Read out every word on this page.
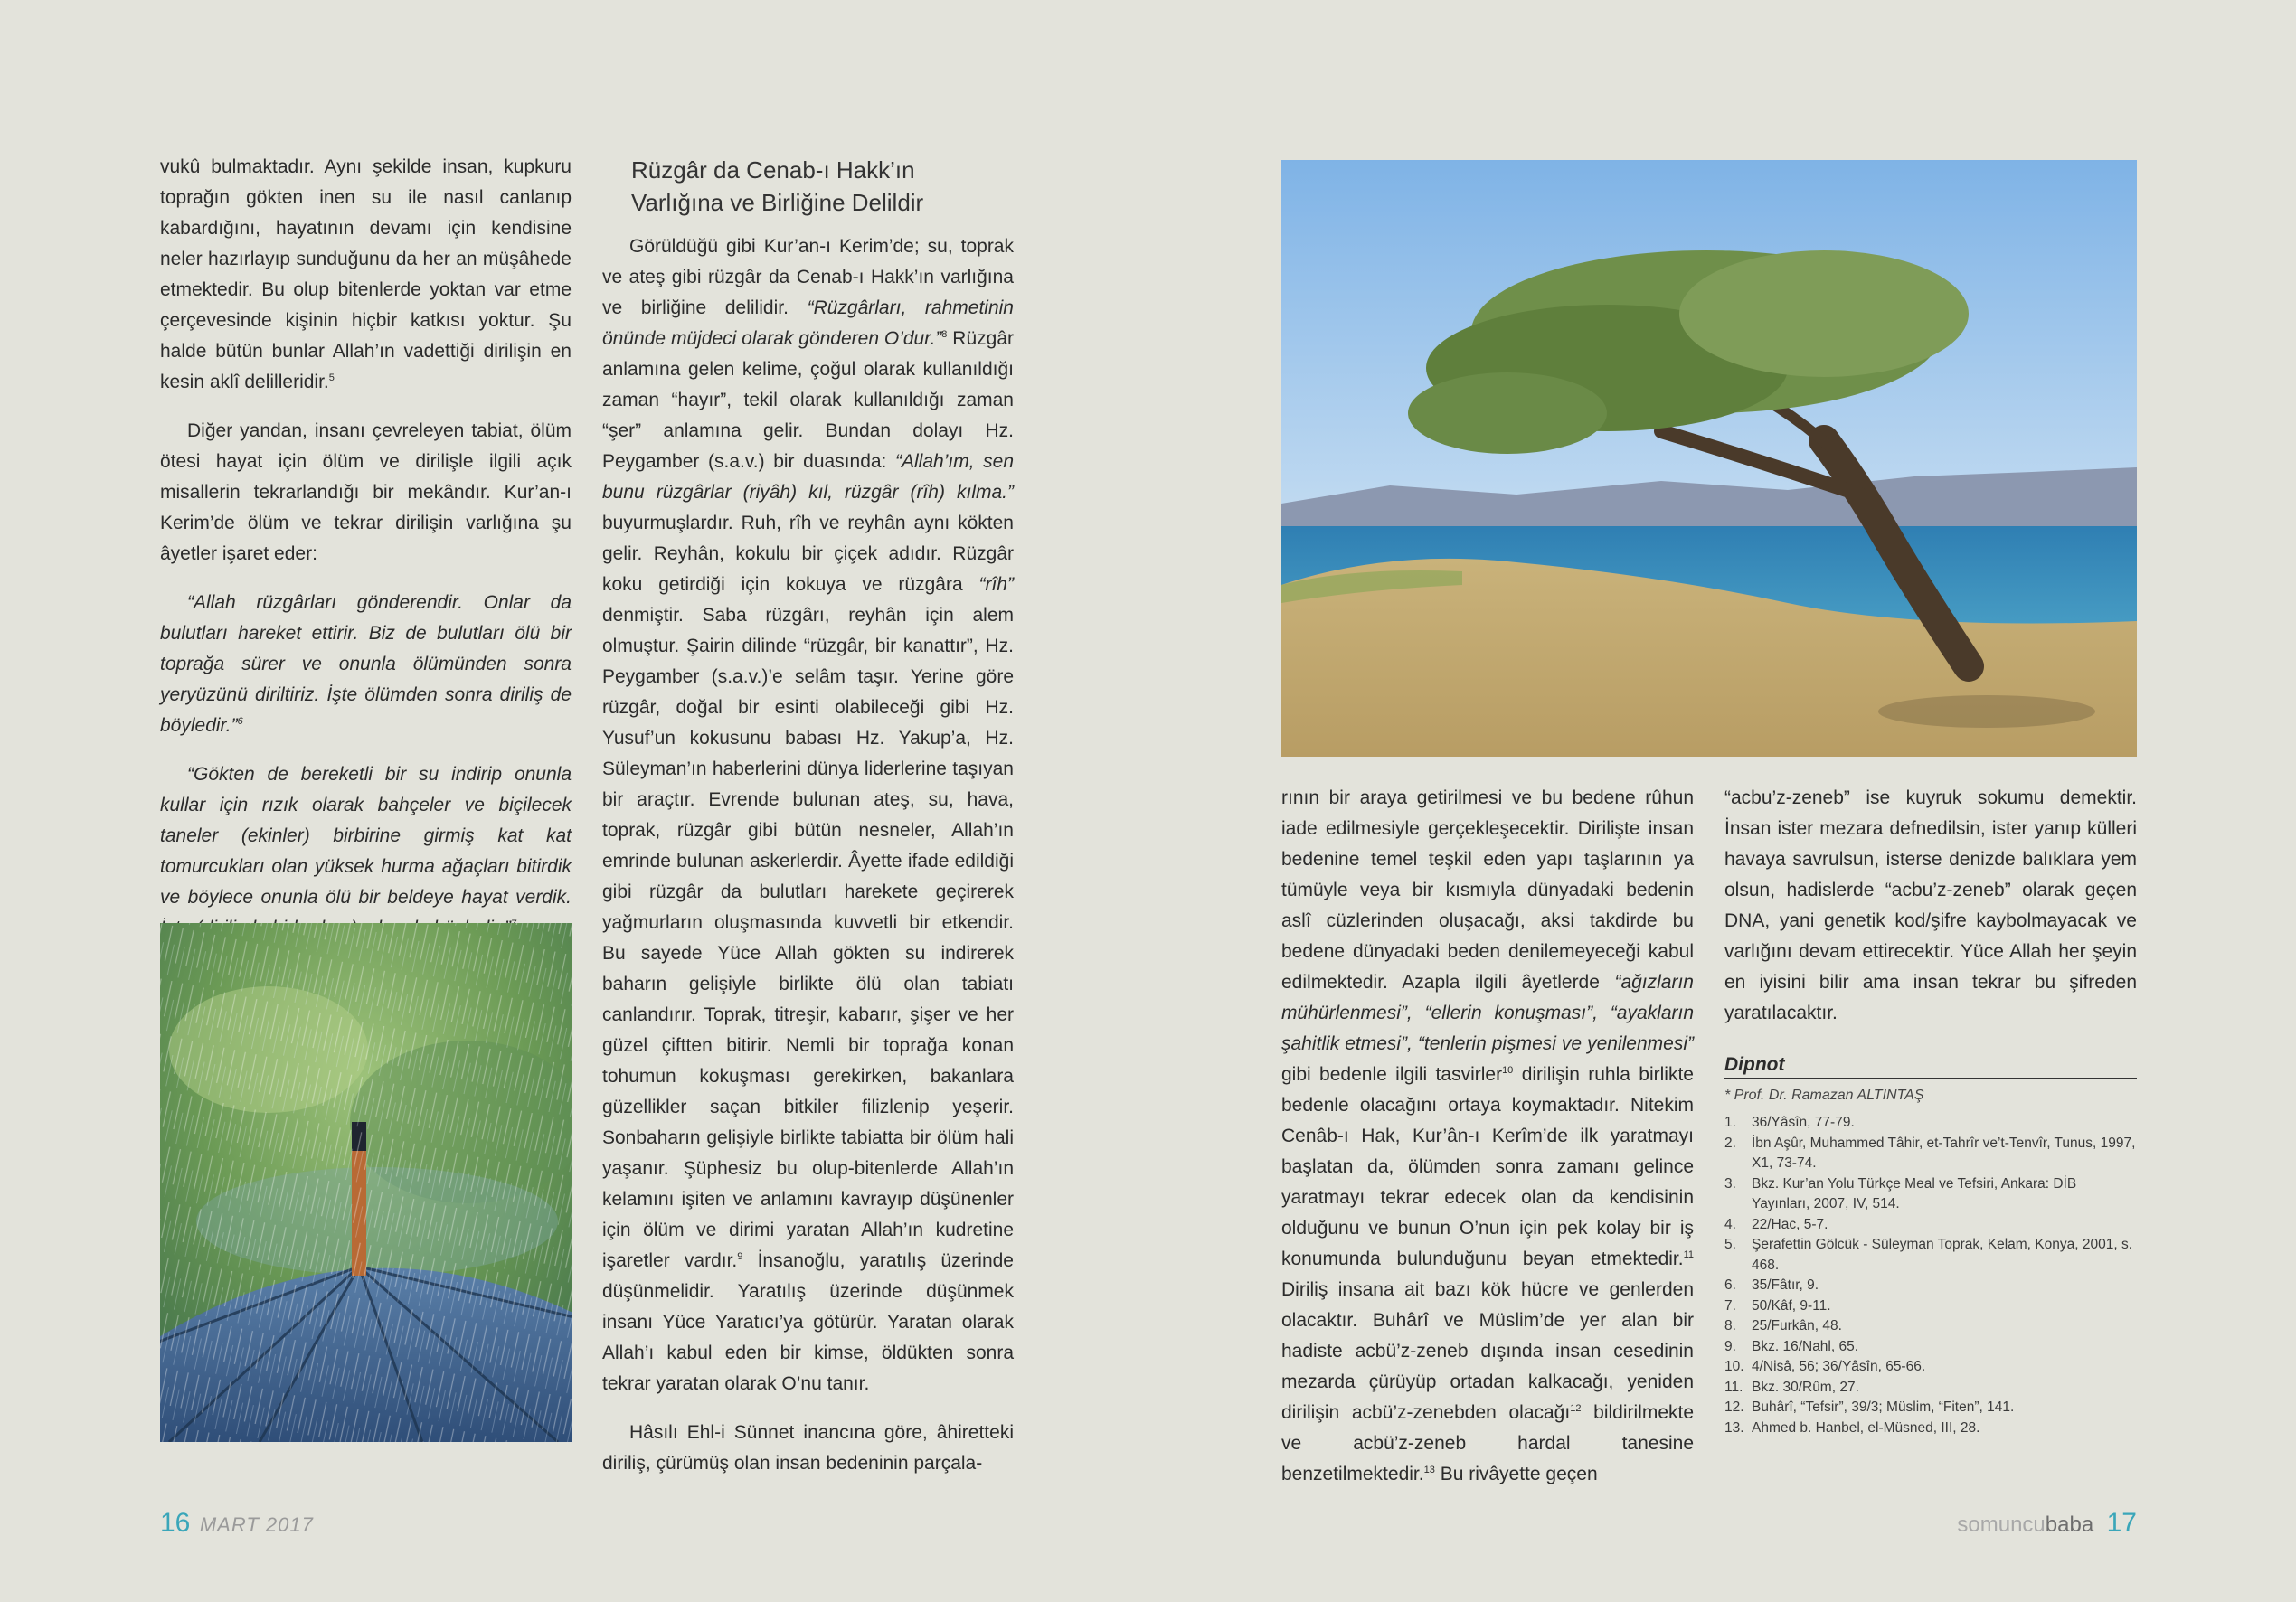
vukû bulmaktadır. Aynı şekilde insan, kupkuru toprağın gökten inen su ile nasıl canlanıp kabardığını, hayatının devamı için kendisine neler hazırlayıp sunduğunu da her an müşâhede etmektedir. Bu olup bitenlerde yoktan var etme çerçevesinde kişinin hiçbir katkısı yoktur. Şu halde bütün bunlar Allah’ın vadettiği dirilişin en kesin aklî delilleridir.$^5$

Diğer yandan, insanı çevreleyen tabiat, ölüm ötesi hayat için ölüm ve dirilişle ilgili açık misallerin tekrarlandığı bir mekândır. Kur’an-ı Kerim’de ölüm ve tekrar dirilişin varlığına şu âyetler işaret eder:

“Allah rüzgârları gönderendir. Onlar da bulutları hareket ettirir. Biz de bulutları ölü bir toprağa sürer ve onunla ölümünden sonra yeryüzünü diriltiriz. İşte ölümden sonra diriliş de böyledir.”$^6$

“Gökten de bereketli bir su indirip onunla kullar için rızık olarak bahçeler ve biçilecek taneler (ekinler) birbirine girmiş kat kat tomurcukları olan yüksek hurma ağaçları bitirdik ve böylece onunla ölü bir beldeye hayat verdik.

Rüzgâr da Cenab-ı Hakk’ın
Varlığına ve Birliğine Delildir

Görüldüğü gibi Kur’an-ı Kerim’de; su, toprak ve ateş gibi rüzgâr da Cenab-ı Hakk’ın varlığına ve birliğine delilidir. “Rüzgârları, rahmetinin önünde müjdeci olarak gönderen O’dur.”$^8$ Rüzgâr anlamına gelen kelime, çoğul olarak kullanıldığı zaman “hayır”, tekil olarak kullanıldığı zaman “şer” anlamına gelir. Bundan dolayı Hz. Peygamber (s.a.v.) bir duasında: “Allah’ım, sen bunu rüzgârlar (riyâh) kıl, rüzgâr (rîh) kılma.” buyurmuşlardır. Ruh, rîh ve reyhân aynı kökten gelir. Reyhân, kokulu bir çiçek adıdır. Rüzgâr koku getirdiği için kokuya ve rüzgâra “rîh” denmiştir. Saba rüzgârı, reyhân için alem olmuştur. Şairin dilinde “rüzgâr, bir kanattır”, Hz. Peygamber (s.a.v.)’e selâm taşır. Yerine göre rüzgâr, doğal bir esinti olabileceği gibi Hz. Yusuf’un kokusunu babası Hz. Yakup’a, Hz. Süleyman’ın haberlerini dünya liderlerine taşıyan bir araçtır. Evrende bulunan ateş, su, hava, toprak, rüzgâr gibi bütün nesneler, Allah’ın emrinde bulunan askerlerdir. Âyette ifade edildiği gibi rüzgâr da bulutları harekete geçirerek yağmurların oluşmasında kuvvetli bir etkendir. Bu sayede Yüce Allah gökten su indirerek baharın gelişiyle birlikte ölü olan tabiatı canlandırır. Toprak, titreşir, kabarır, şişer ve her güzel çiftten bitirir. Nemli bir toprağa konan tohumun kokuşması gerekirken, bakanlara güzellikler saçan bitkiler filizlenip yeşerir. Sonbaharın gelişiyle birlikte tabiatta bir ölüm hali yaşanır. Şüphesiz bu olup-bitenlerde Allah’ın kelamını işiten ve anlamını kavrayıp düşünenler için ölüm ve dirimi yaratan Allah’ın kudretine işaretler vardır.$^9$ İnsanoğlu, yaratılış üzerinde düşünmelidir. Yaratılış üzerinde düşünmek insanı Yüce Yaratıcı’ya götürür. Yaratan olarak Allah’ı kabul eden bir kimse, öldükten sonra tekrar yaratan olarak O’nu tanır.

Hâsılı Ehl-i Sünnet inancına göre, âhiretteki diriliş, çürümüş olan insan bedeninin parçala-

rının bir araya getirilmesi ve bu bedene rûhun iade edilmesiyle gerçekleşecektir. Dirilişte insan bedenine temel teşkil eden yapı taşlarının ya tümüyle veya bir kısmıyla dünyadaki bedenin aslî cüzlerinden oluşacağı, aksi takdirde bu bedene dünyadaki beden denilemeyeceği kabul edilmektedir. Azapla ilgili âyetlerde “ağızların mühürlenmesi”, “ellerin konuşması”, “ayakların şahitlik etmesi”, “tenlerin pişmesi ve yenilenmesi” gibi bedenle ilgili tasvirler$^{10}$ dirilişin ruhla birlikte bedenle olacağını ortaya koymaktadır. Nitekim Cenâb-ı Hak, Kur’ân-ı Kerîm’de ilk yaratmayı başlatan da, ölümden sonra zamanı gelince yaratmayı tekrar edecek olan da kendisinin olduğunu ve bunun O’nun için pek kolay bir iş konumunda bulunduğunu beyan etmektedir.$^{11}$ Diriliş insana ait bazı kök hücre ve genlerden olacaktır. Buhârî ve Müslim’de yer alan bir hadiste acbü’z-zeneb dışında insan cesedinin mezarda çürüyüp ortadan kalkacağı, yeniden dirilişin acbü’z-zenebden olacağı$^{12}$ bildirilmekte ve acbü’z-zeneb hardal tanesine benzetilmektedir.$^{13}$ Bu rivâyette geçen

“acbu’z-zeneb” ise kuyruk sokumu demektir. İnsan ister mezara defnedilsin, ister yanıp külleri havaya savrulsun, isterse denizde balıklara yem olsun, hadislerde “acbu’z-zeneb” olarak geçen DNA, yani genetik kod/şifre kaybolmayacak ve varlığını devam ettirecektir. Yüce Allah her şeyin en iyisini bilir ama insan tekrar bu şifreden yaratılacaktır.

Dipnot
* Prof. Dr. Ramazan ALTINTAŞ
1.	36/Yâsîn, 77-79.
2.	İbn Aşûr, Muhammed Tâhir, et-Tahrîr ve’t-Tenvîr, Tunus, 1997, X1, 73-74.
3.	Bkz. Kur’an Yolu Türkçe Meal ve Tefsiri, Ankara: DİB Yayınları, 2007, IV, 514.
4.	22/Hac, 5-7.
5.	Şerafettin Gölcük - Süleyman Toprak, Kelam, Konya, 2001, s. 468.
6.	35/Fâtır, 9.
7.	50/Kâf, 9-11.
8.	25/Furkân, 48.
9.	Bkz. 16/Nahl, 65.
10. 4/Nisâ, 56; 36/Yâsîn, 65-66.
11. Bkz. 30/Rûm, 27.
12. Buhârî, “Tefsir”, 39/3; Müslim, “Fiten”, 141.
13. Ahmed b. Hanbel, el-Müsned, III, 28.
16 MART 2017	somuncubaba 17
